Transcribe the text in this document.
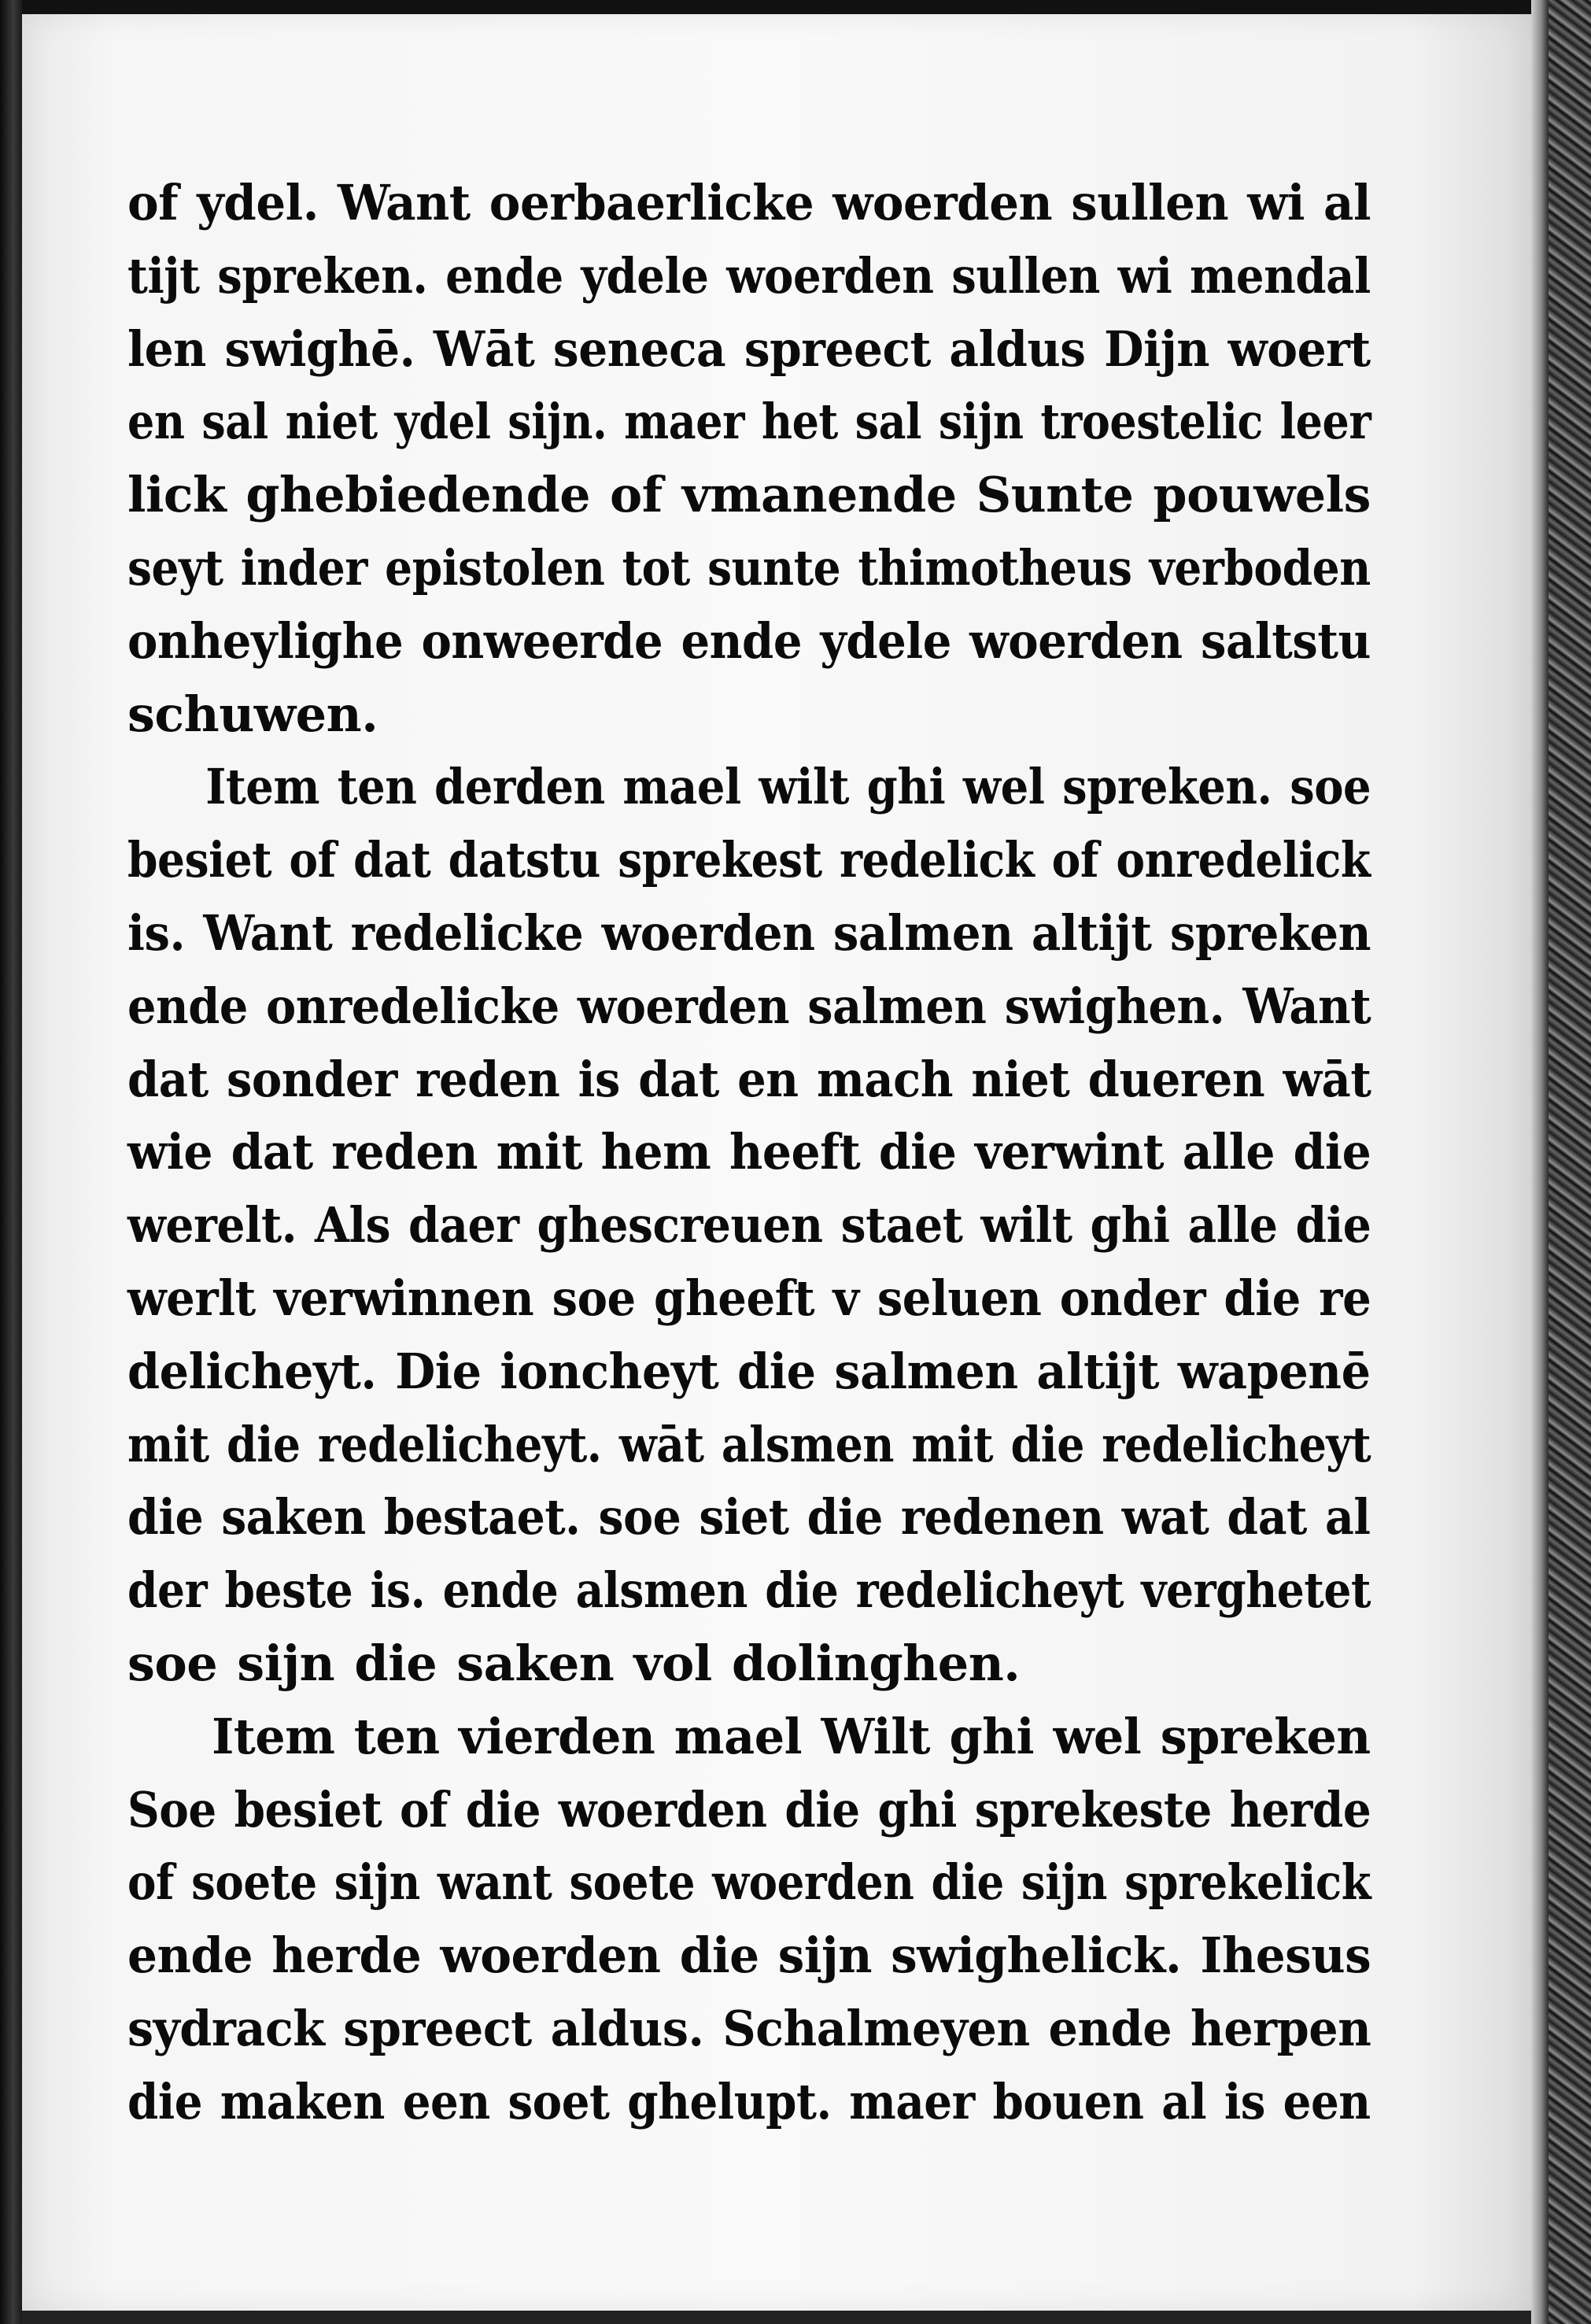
of ydel. Want oerbaerlicke woerden sullen wi al
tijt spreken. ende ydele woerden sullen wi mendal
len swighē. Wāt seneca spreect aldus Dijn woert
en sal niet ydel sijn. maer het sal sijn troestelic leer
lick ghebiedende of vmanende Sunte pouwels
seyt inder epistolen tot sunte thimotheus verboden
onheylighe onweerde ende ydele woerden saltstu
schuwen.
Item ten derden mael wilt ghi wel spreken. soe
besiet of dat datstu sprekest redelick of onredelick
is. Want redelicke woerden salmen altijt spreken
ende onredelicke woerden salmen swighen. Want
dat sonder reden is dat en mach niet dueren wāt
wie dat reden mit hem heeft die verwint alle die
werelt. Als daer ghescreuen staet wilt ghi alle die
werlt verwinnen soe gheeft v seluen onder die re
delicheyt. Die ioncheyt die salmen altijt wapenē
mit die redelicheyt. wāt alsmen mit die redelicheyt
die saken bestaet. soe siet die redenen wat dat al
der beste is. ende alsmen die redelicheyt verghetet
soe sijn die saken vol dolinghen.
Item ten vierden mael Wilt ghi wel spreken
Soe besiet of die woerden die ghi sprekeste herde
of soete sijn want soete woerden die sijn sprekelick
ende herde woerden die sijn swighelick. Ihesus
sydrack spreect aldus. Schalmeyen ende herpen
die maken een soet ghelupt. maer bouen al is een
